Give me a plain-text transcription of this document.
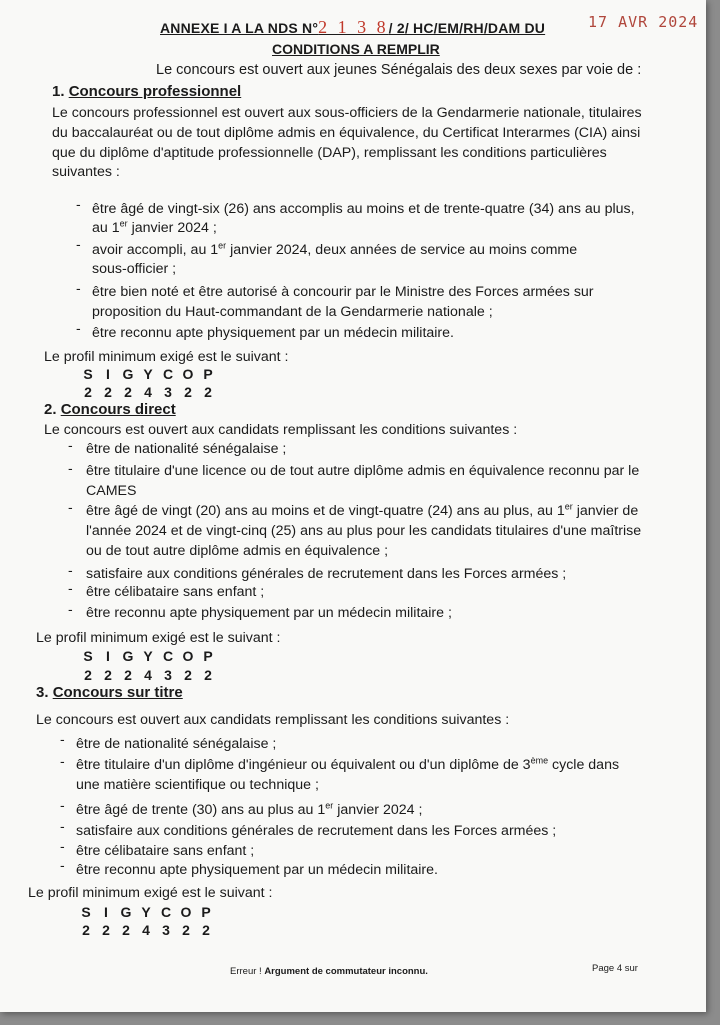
ANNEXE I A LA NDS N°2 1 3 8/ 2/ HC/EM/RH/DAM DU	17 AVR 2024
CONDITIONS A REMPLIR
Le concours est ouvert aux jeunes Sénégalais des deux sexes par voie de :
1. Concours professionnel
Le concours professionnel est ouvert aux sous-officiers de la Gendarmerie nationale, titulaires
du baccalauréat ou de tout diplôme admis en équivalence, du Certificat Interarmes (CIA) ainsi
que du diplôme d'aptitude professionnelle (DAP), remplissant les conditions particulières
suivantes :
- être âgé de vingt-six (26) ans accomplis au moins et de trente-quatre (34) ans au plus,
au 1er janvier 2024 ;
- avoir accompli, au 1er janvier 2024, deux années de service au moins comme
sous-officier ;
- être bien noté et être autorisé à concourir par le Ministre des Forces armées sur
proposition du Haut-commandant de la Gendarmerie nationale ;
- être reconnu apte physiquement par un médecin militaire.
Le profil minimum exigé est le suivant :
S I G Y C O P
2 2 2 4 3 2 2
2. Concours direct
Le concours est ouvert aux candidats remplissant les conditions suivantes :
- être de nationalité sénégalaise ;
- être titulaire d'une licence ou de tout autre diplôme admis en équivalence reconnu par le
CAMES
- être âgé de vingt (20) ans au moins et de vingt-quatre (24) ans au plus, au 1er janvier de
l'année 2024 et de vingt-cinq (25) ans au plus pour les candidats titulaires d'une maîtrise
ou de tout autre diplôme admis en équivalence ;
- satisfaire aux conditions générales de recrutement dans les Forces armées ;
- être célibataire sans enfant ;
- être reconnu apte physiquement par un médecin militaire ;
Le profil minimum exigé est le suivant :
S I G Y C O P
2 2 2 4 3 2 2
3. Concours sur titre
Le concours est ouvert aux candidats remplissant les conditions suivantes :
- être de nationalité sénégalaise ;
- être titulaire d'un diplôme d'ingénieur ou équivalent ou d'un diplôme de 3ème cycle dans
une matière scientifique ou technique ;
- être âgé de trente (30) ans au plus au 1er janvier 2024 ;
- satisfaire aux conditions générales de recrutement dans les Forces armées ;
- être célibataire sans enfant ;
- être reconnu apte physiquement par un médecin militaire.
Le profil minimum exigé est le suivant :
S I G Y C O P
2 2 2 4 3 2 2
Erreur ! Argument de commutateur inconnu.	Page 4 sur
